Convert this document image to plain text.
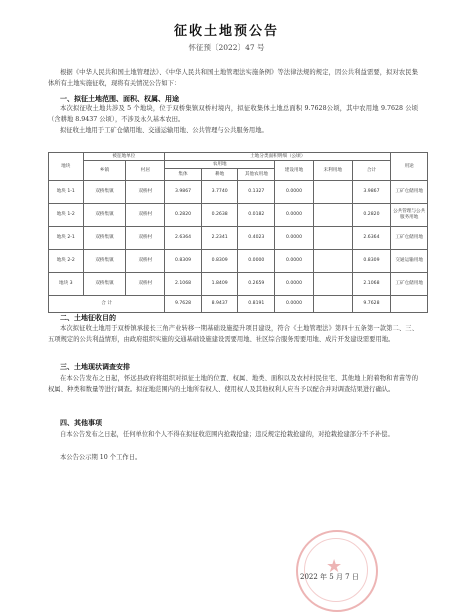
征收土地预公告
怀征预〔2022〕47 号
根据《中华人民共和国土地管理法》、《中华人民共和国土地管理法实施条例》等法律法规的规定，因公共利益需要，拟对农民集体所有土地实施征收，现将有关情况公告如下：
一、拟征土地范围、面积、权属、用途
本次拟征收土地共涉及 5 个地块，位于双桥集镇双桥村境内，拟征收集体土地总面积 9.7628公顷，其中农用地 9.7628 公顷（含耕地 8.9437 公顷），不涉及永久基本农田。
拟征收土地用于工矿仓储用地、交通运输用地、公共管理与公共服务用地。
地块	被征地单位		土地分类面积明细（公顷）						用途
	乡镇	村居	农用地			建设用地	未利用地	合计	
			集体	耕地	其他农用地				
地块 1-1	双桥集镇	双桥村	3.9867	3.7740	0.1327	0.0000		3.9867	工矿仓储用地
地块 1-2	双桥集镇	双桥村	0.2820	0.2638	0.0182	0.0000		0.2820	公共管理与公共服务用地
地块 2-1	双桥集镇	双桥村	2.6364	2.2341	0.4023	0.0000		2.6364	工矿仓储用地
地块 2-2	双桥集镇	双桥村	0.8309	0.8309	0.0000	0.0000		0.8309	交通运输用地
地块 3	双桥集镇	双桥村	2.1068	1.8409	0.2659	0.0000		2.1068	工矿仓储用地
合 计			9.7628	8.9437	0.8191	0.0000		9.7628	
二、土地征收目的
本次拟征收土地用于双桥镇承接长三角产业转移一期基础设施提升项目建设，符合《土地管理法》第四十五条第一款第二、三、五项规定的公共利益情形，由政府组织实施的交通基础设施建设需要用地、社区综合服务需要用地、成片开发建设需要用地。
三、土地现状调查安排
在本公告发布之日起，怀远县政府将组织对拟征土地的位置、权属、地类、面积以及农村村民住宅、其他地上附着物和青苗等的权属、种类和数量等进行调查。拟征地范围内的土地所有权人、使用权人及其他权利人应当予以配合并对调查结果进行确认。
四、其他事项
自本公告发布之日起，任何单位和个人不得在拟征收范围内抢栽抢建；违反规定抢栽抢建的，对抢栽抢建部分不予补偿。
本公告公示期 10 个工作日。
★
2022 年 5 月 7 日
